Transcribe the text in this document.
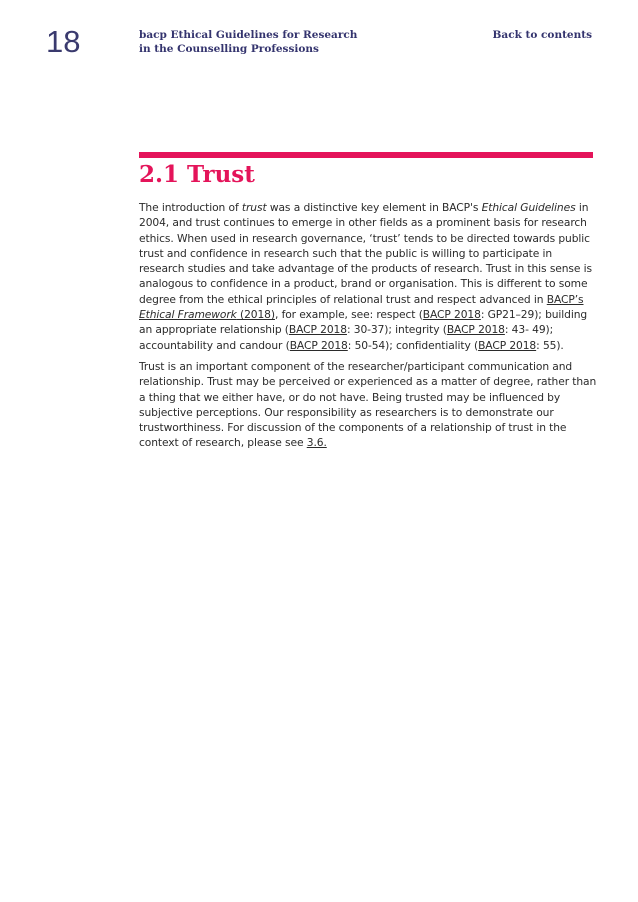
18	bacp Ethical Guidelines for Research
in the Counselling Professions
Back to contents
2.1 Trust

The introduction of trust was a distinctive key element in BACP's Ethical Guidelines in 2004, and trust continues to emerge in other fields as a prominent basis for research ethics. When used in research governance, ‘trust’ tends to be directed towards public trust and confidence in research such that the public is willing to participate in research studies and take advantage of the products of research. Trust in this sense is analogous to confidence in a product, brand or organisation. This is different to some degree from the ethical principles of relational trust and respect advanced in BACP’s Ethical Framework (2018), for example, see: respect (BACP 2018: GP21–29); building an appropriate relationship (BACP 2018: 30-37); integrity (BACP 2018: 43- 49); accountability and candour (BACP 2018: 50-54); confidentiality (BACP 2018: 55).

Trust is an important component of the researcher/participant communication and relationship. Trust may be perceived or experienced as a matter of degree, rather than a thing that we either have, or do not have. Being trusted may be influenced by subjective perceptions. Our responsibility as researchers is to demonstrate our trustworthiness. For discussion of the components of a relationship of trust in the context of research, please see 3.6.
